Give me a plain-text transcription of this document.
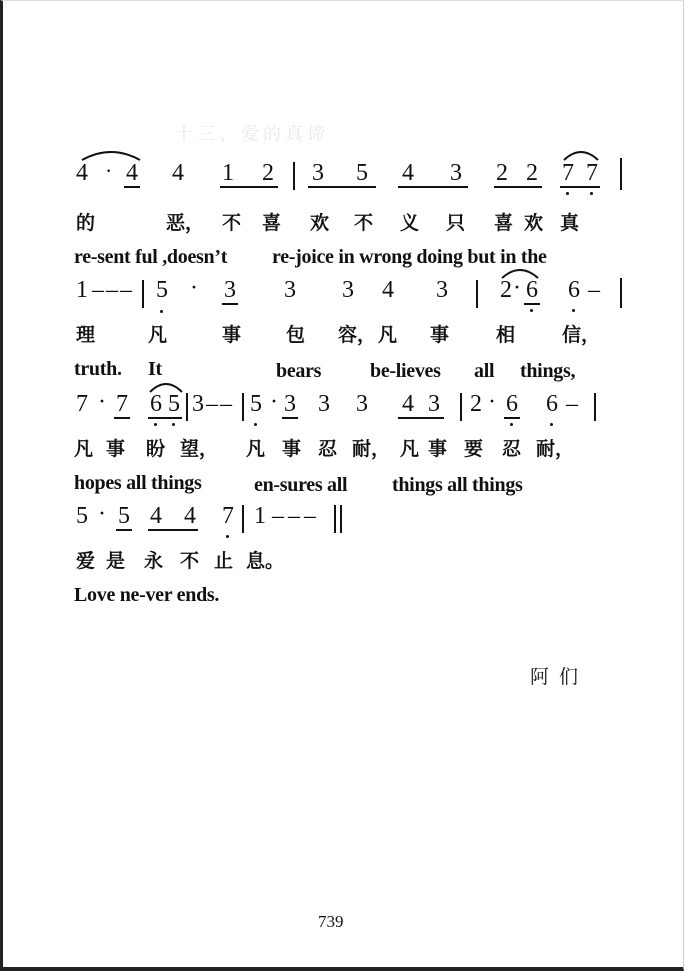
十三、爱的真谛
4 · 4 4 1 2 3 5 4 3 2 2 7 7
的	恶， 不 喜 欢 不 义 只 喜 欢 真
re-sent ful ,doesn’t re-joice in wrong doing but in the
1 – – – 5 · 3 3 3 4 3 2 · 6 6 –
理	凡	事 包 容， 凡 事 相 信，
truth. It	bears be-lieves all things,
7 · 7 6 5 3 – – 5 · 3 3 3 4 3 2 · 6 6 –
凡 事 盼 望， 凡 事 忍 耐， 凡 事 要 忍 耐，
hopes all things	en-sures all things all things
5 · 5 4 4 7 1 – – –
爱 是 永 不 止 息。
Love ne-ver ends.
阿们
739
